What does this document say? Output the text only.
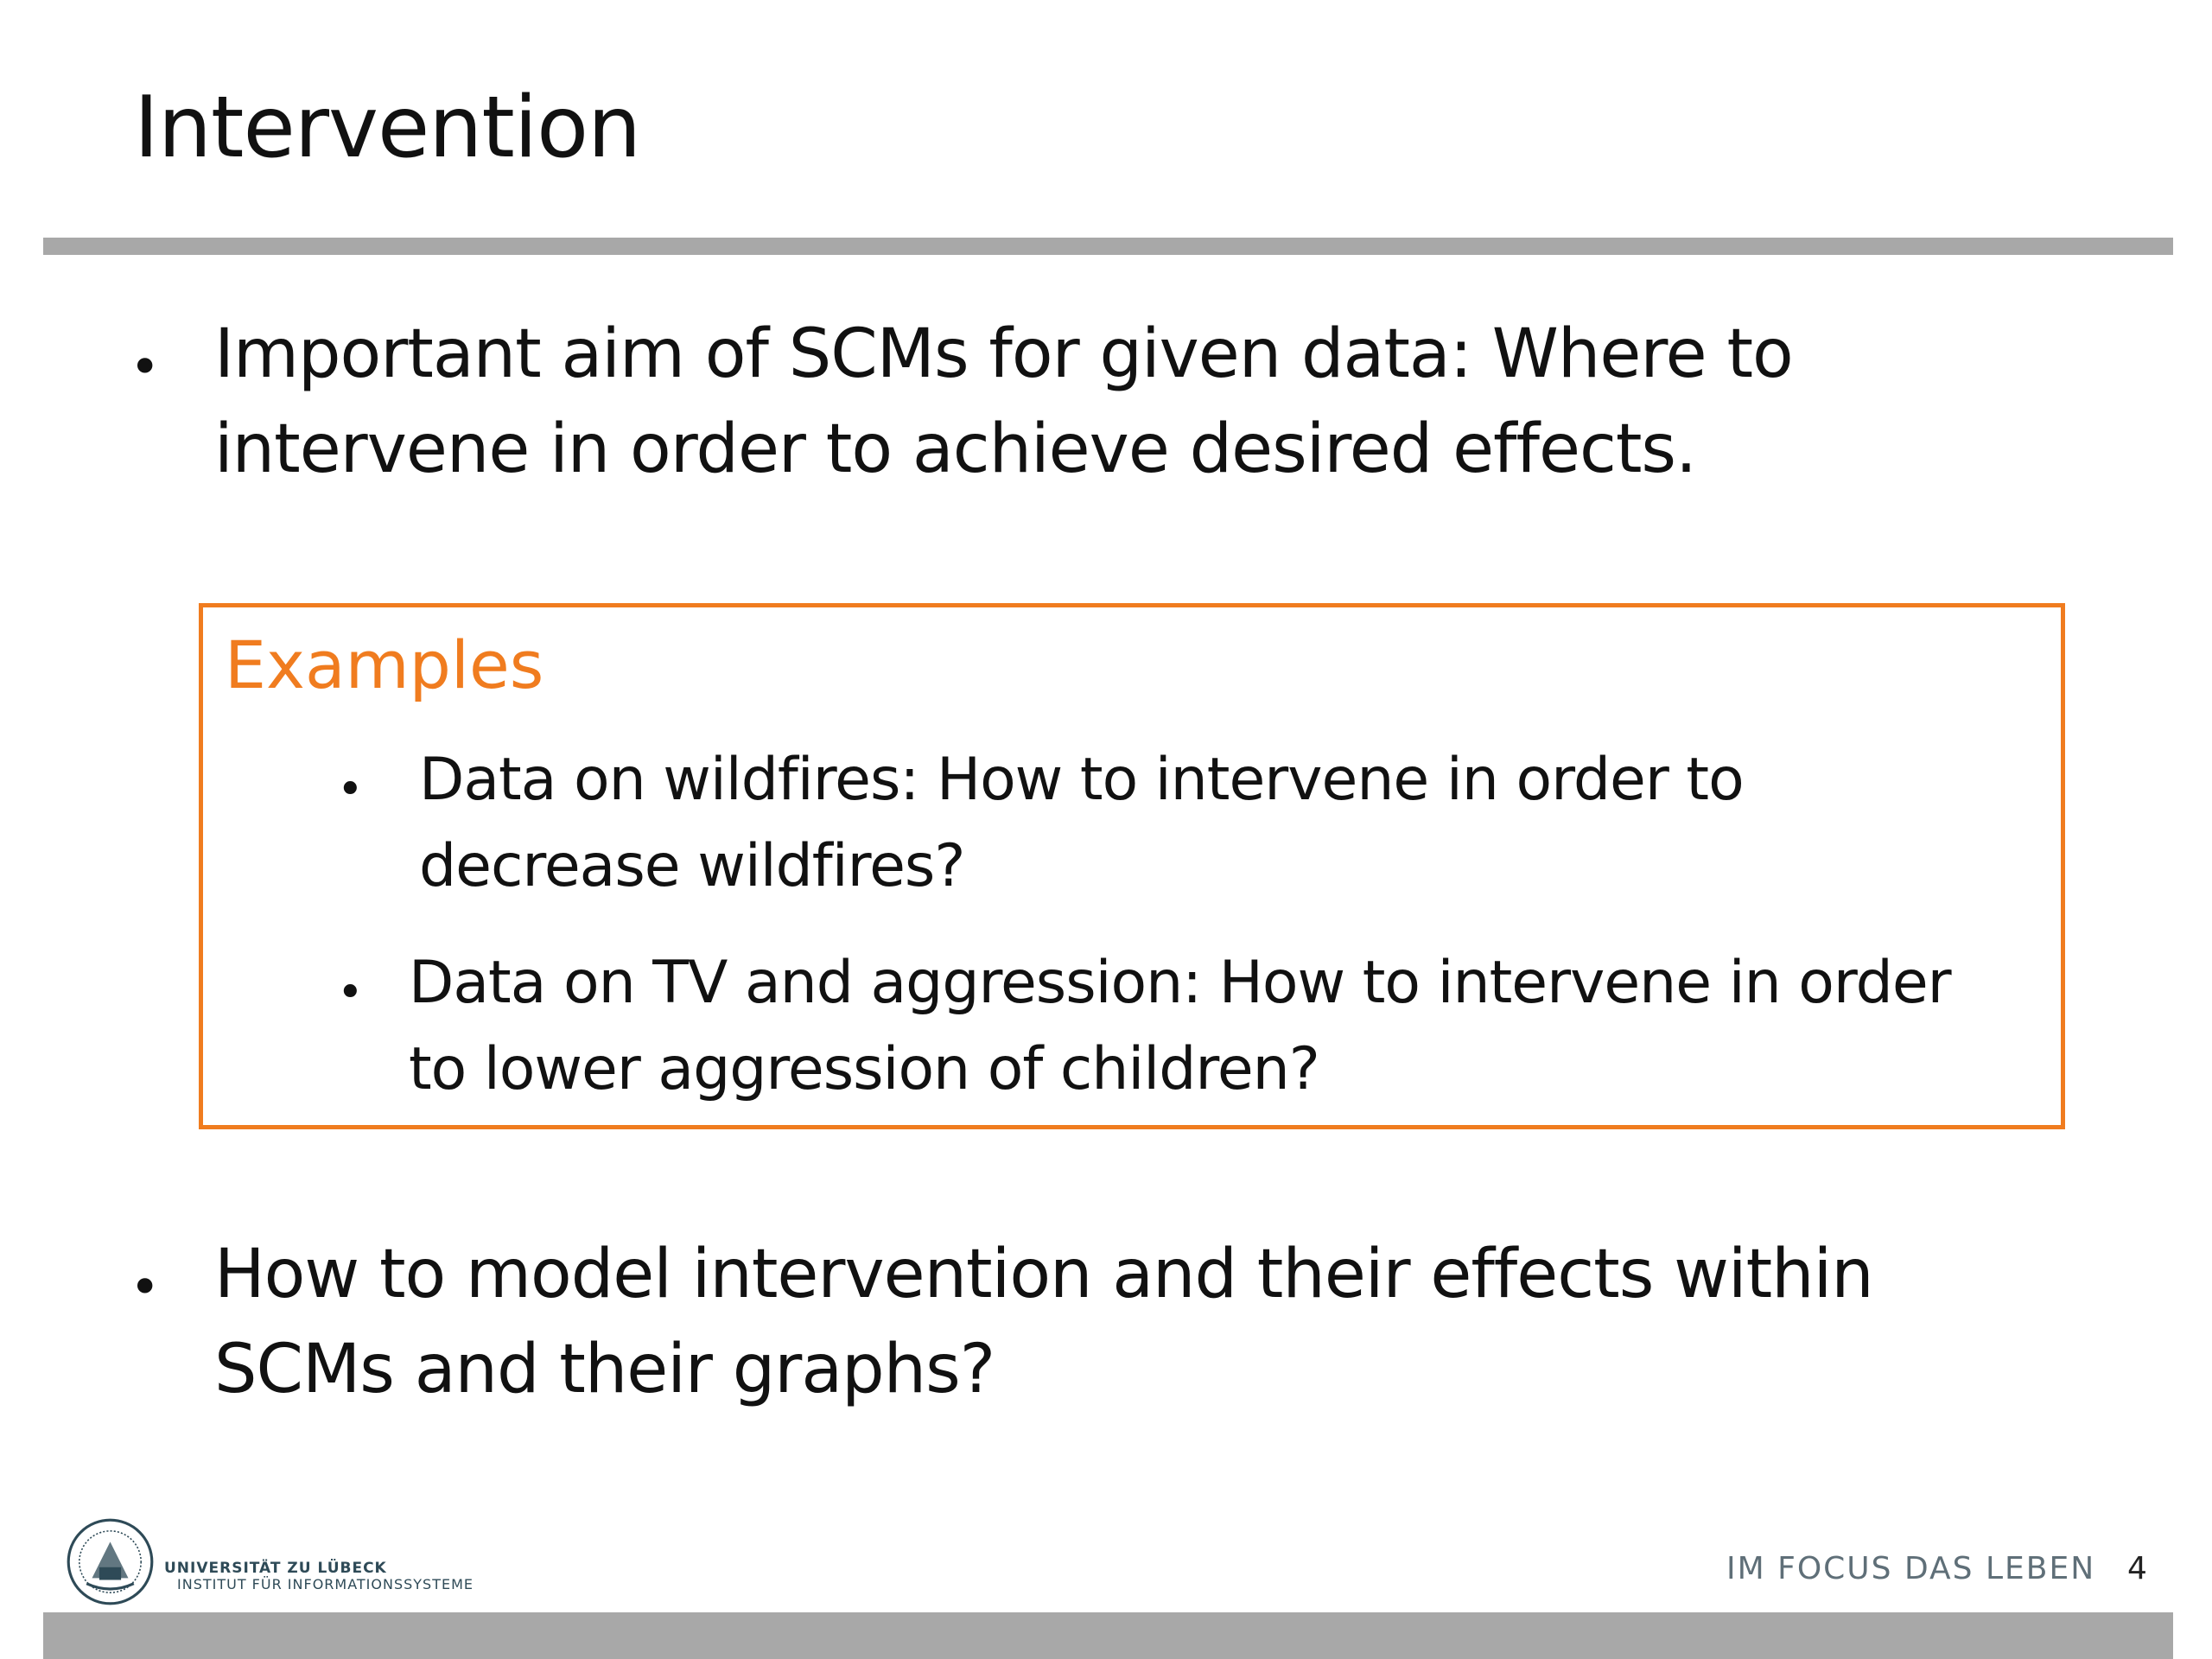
Intervention
• Important aim of SCMs for given data: Where to
intervene in order to achieve desired effects.

Examples
• Data on wildfires: How to intervene in order to
decrease wildfires?

• Data on TV and aggression: How to intervene in order
to lower aggression of children?

• How to model intervention and their effects within
SCMs and their graphs?

UNIVERSITÄT ZU LÜBECK

INSTITUT FÜR INFORMATIONSSYSTEME	IM FOCUS DAS LEBEN 4
